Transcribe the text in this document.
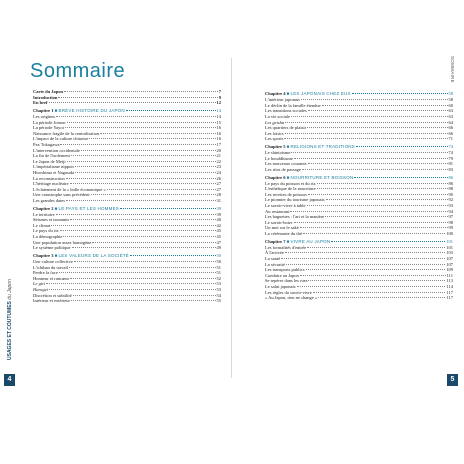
Sommaire
Carte du Japon	7
Introduction	9
En bref	12
Chapitre 1 ■ BRÈVE HISTOIRE DU JAPON	14
Les origines	14
La période Jomon	15
La période Yayoi	16
Naissance fragile de la centralisation	16
L'impact de la culture chinoise	16
Pax Tokugawa	17
L'intervention occidentale	20
La fin de l'isolement	21
Le Japon de Meiji	22
L'impérialisme nippon	23
Hiroshima et Nagasaki	24
La reconstruction	26
L'héritage nucléaire	27
L'éclatement de la « bulle économique »	27
Une catastrophe sans précédent	28
Les grandes dates	31
Chapitre 2 ■ LE PAYS ET LES HOMMES	39
Le territoire	39
Séismes et tsunamis	40
Le climat	42
Le pays du riz	45
La démographie	45
Une population assez homogène	47
Le système politique	49
Chapitre 3 ■ LES VALEURS DE LA SOCIÉTÉ	50
Une culture collective	50
L'ichiban du travail	51
Perdre la face	51
Honneur et rancœur	52
Le giri	53
Haragei	53
Discrétion et subtilité	54
Intérieur et extérieur	55
Chapitre 4 ■ LES JAPONAIS CHEZ EUX	58
L'intérieur japonais	58
Le déclin de la famille étendue	60
Les transitions sociales	63
La vie sociale	63
Les geisha	64
Les quartiers de plaisir	66
Les loisirs	66
Les sports	71
Chapitre 5 ■ RELIGIONS ET TRADITIONS	74
Le shintoïsme	74
Le bouddhisme	79
Les nouveaux courants	81
Les rites de passage	83
Chapitre 6 ■ NOURRITURE ET BOISSON	86
Le pays du poisson et du riz	86
L'esthétique de la nourriture	88
Les recettes de poisson	90
Le pionnier du tourisme japonais	92
Le savoir-vivre à table	93
Au restaurant	94
Les baguettes : l'art et la manière	97
Le savoir-boire	98
Un mot sur le saké	99
La cérémonie du thé	100
Chapitre 7 ■ VIVRE AU JAPON	101
Les formalités d'entrée	101
À l'arrivée	103
La santé	107
La sécurité	107
Les transports publics	109
Conduire au Japon	111
Se repérer dans les rues	113
Le salut japonais	114
Les règles du savoir-vivre	117
« Au Japon, rien ne change »	117
USAGES ET COUTUMES du Japon
4
SOMMAIRE
5
